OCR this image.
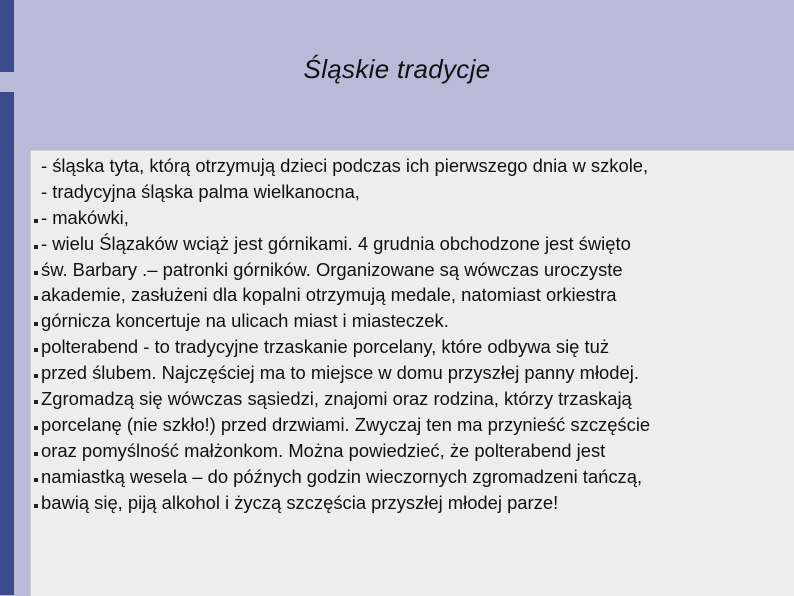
Śląskie tradycje
- śląska tyta, którą otrzymują dzieci podczas ich pierwszego dnia w szkole,
- tradycyjna śląska palma wielkanocna,
- makówki,
- wielu Ślązaków wciąż jest górnikami. 4 grudnia obchodzone jest święto
św. Barbary .– patronki górników. Organizowane są wówczas uroczyste
akademie, zasłużeni dla kopalni otrzymują medale, natomiast orkiestra
górnicza koncertuje na ulicach miast i miasteczek.
polterabend - to tradycyjne trzaskanie porcelany, które odbywa się tuż
przed ślubem. Najczęściej ma to miejsce w domu przyszłej panny młodej.
Zgromadzą się wówczas sąsiedzi, znajomi oraz rodzina, którzy trzaskają
porcelanę (nie szkło!) przed drzwiami. Zwyczaj ten ma przynieść szczęście
oraz pomyślność małżonkom. Można powiedzieć, że polterabend jest
namiastką wesela – do późnych godzin wieczornych zgromadzeni tańczą,
bawią się, piją alkohol i życzą szczęścia przyszłej młodej parze!
